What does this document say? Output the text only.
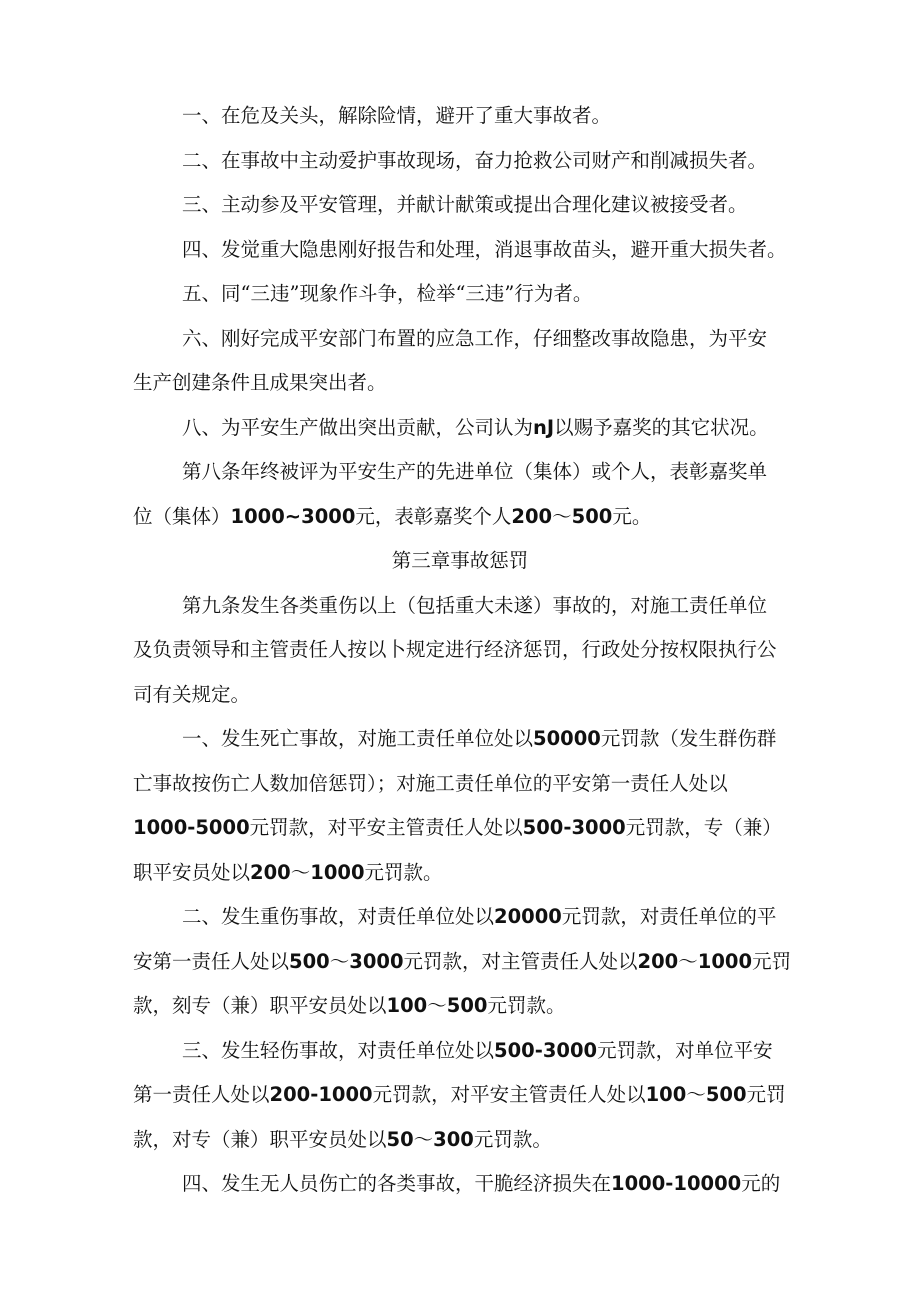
一、在危及关头，解除险情，避开了重大事故者。
二、在事故中主动爱护事故现场，奋力抢救公司财产和削减损失者。
三、主动参及平安管理，并献计献策或提出合理化建议被接受者。
四、发觉重大隐患刚好报告和处理，消退事故苗头，避开重大损失者。
五、同“三违”现象作斗争，检举“三违”行为者。
六、刚好完成平安部门布置的应急工作，仔细整改事故隐患，为平安
生产创建条件且成果突出者。
八、为平安生产做出突出贡献，公司认为nJ以赐予嘉奖的其它状况。
第八条年终被评为平安生产的先进单位（集体）或个人，表彰嘉奖单
位（集体）1000~3000元，表彰嘉奖个人200～500元。
第三章事故惩罚
第九条发生各类重伤以上（包括重大未遂）事故的，对施工责任单位
及负责领导和主管责任人按以卜规定进行经济惩罚，行政处分按权限执行公
司有关规定。
一、发生死亡事故，对施工责任单位处以50000元罚款（发生群伤群
亡事故按伤亡人数加倍惩罚）；对施工责任单位的平安第一责任人处以
1000-5000元罚款，对平安主管责任人处以500-3000元罚款，专（兼）
职平安员处以200～1000元罚款。
二、发生重伤事故，对责任单位处以20000元罚款，对责任单位的平
安第一责任人处以500～3000元罚款，对主管责任人处以200～1000元罚
款，刻专（兼）职平安员处以100～500元罚款。
三、发生轻伤事故，对责任单位处以500-3000元罚款，对单位平安
第一责任人处以200-1000元罚款，对平安主管责任人处以100～500元罚
款，对专（兼）职平安员处以50～300元罚款。
四、发生无人员伤亡的各类事故，干脆经济损失在1000-10000元的
